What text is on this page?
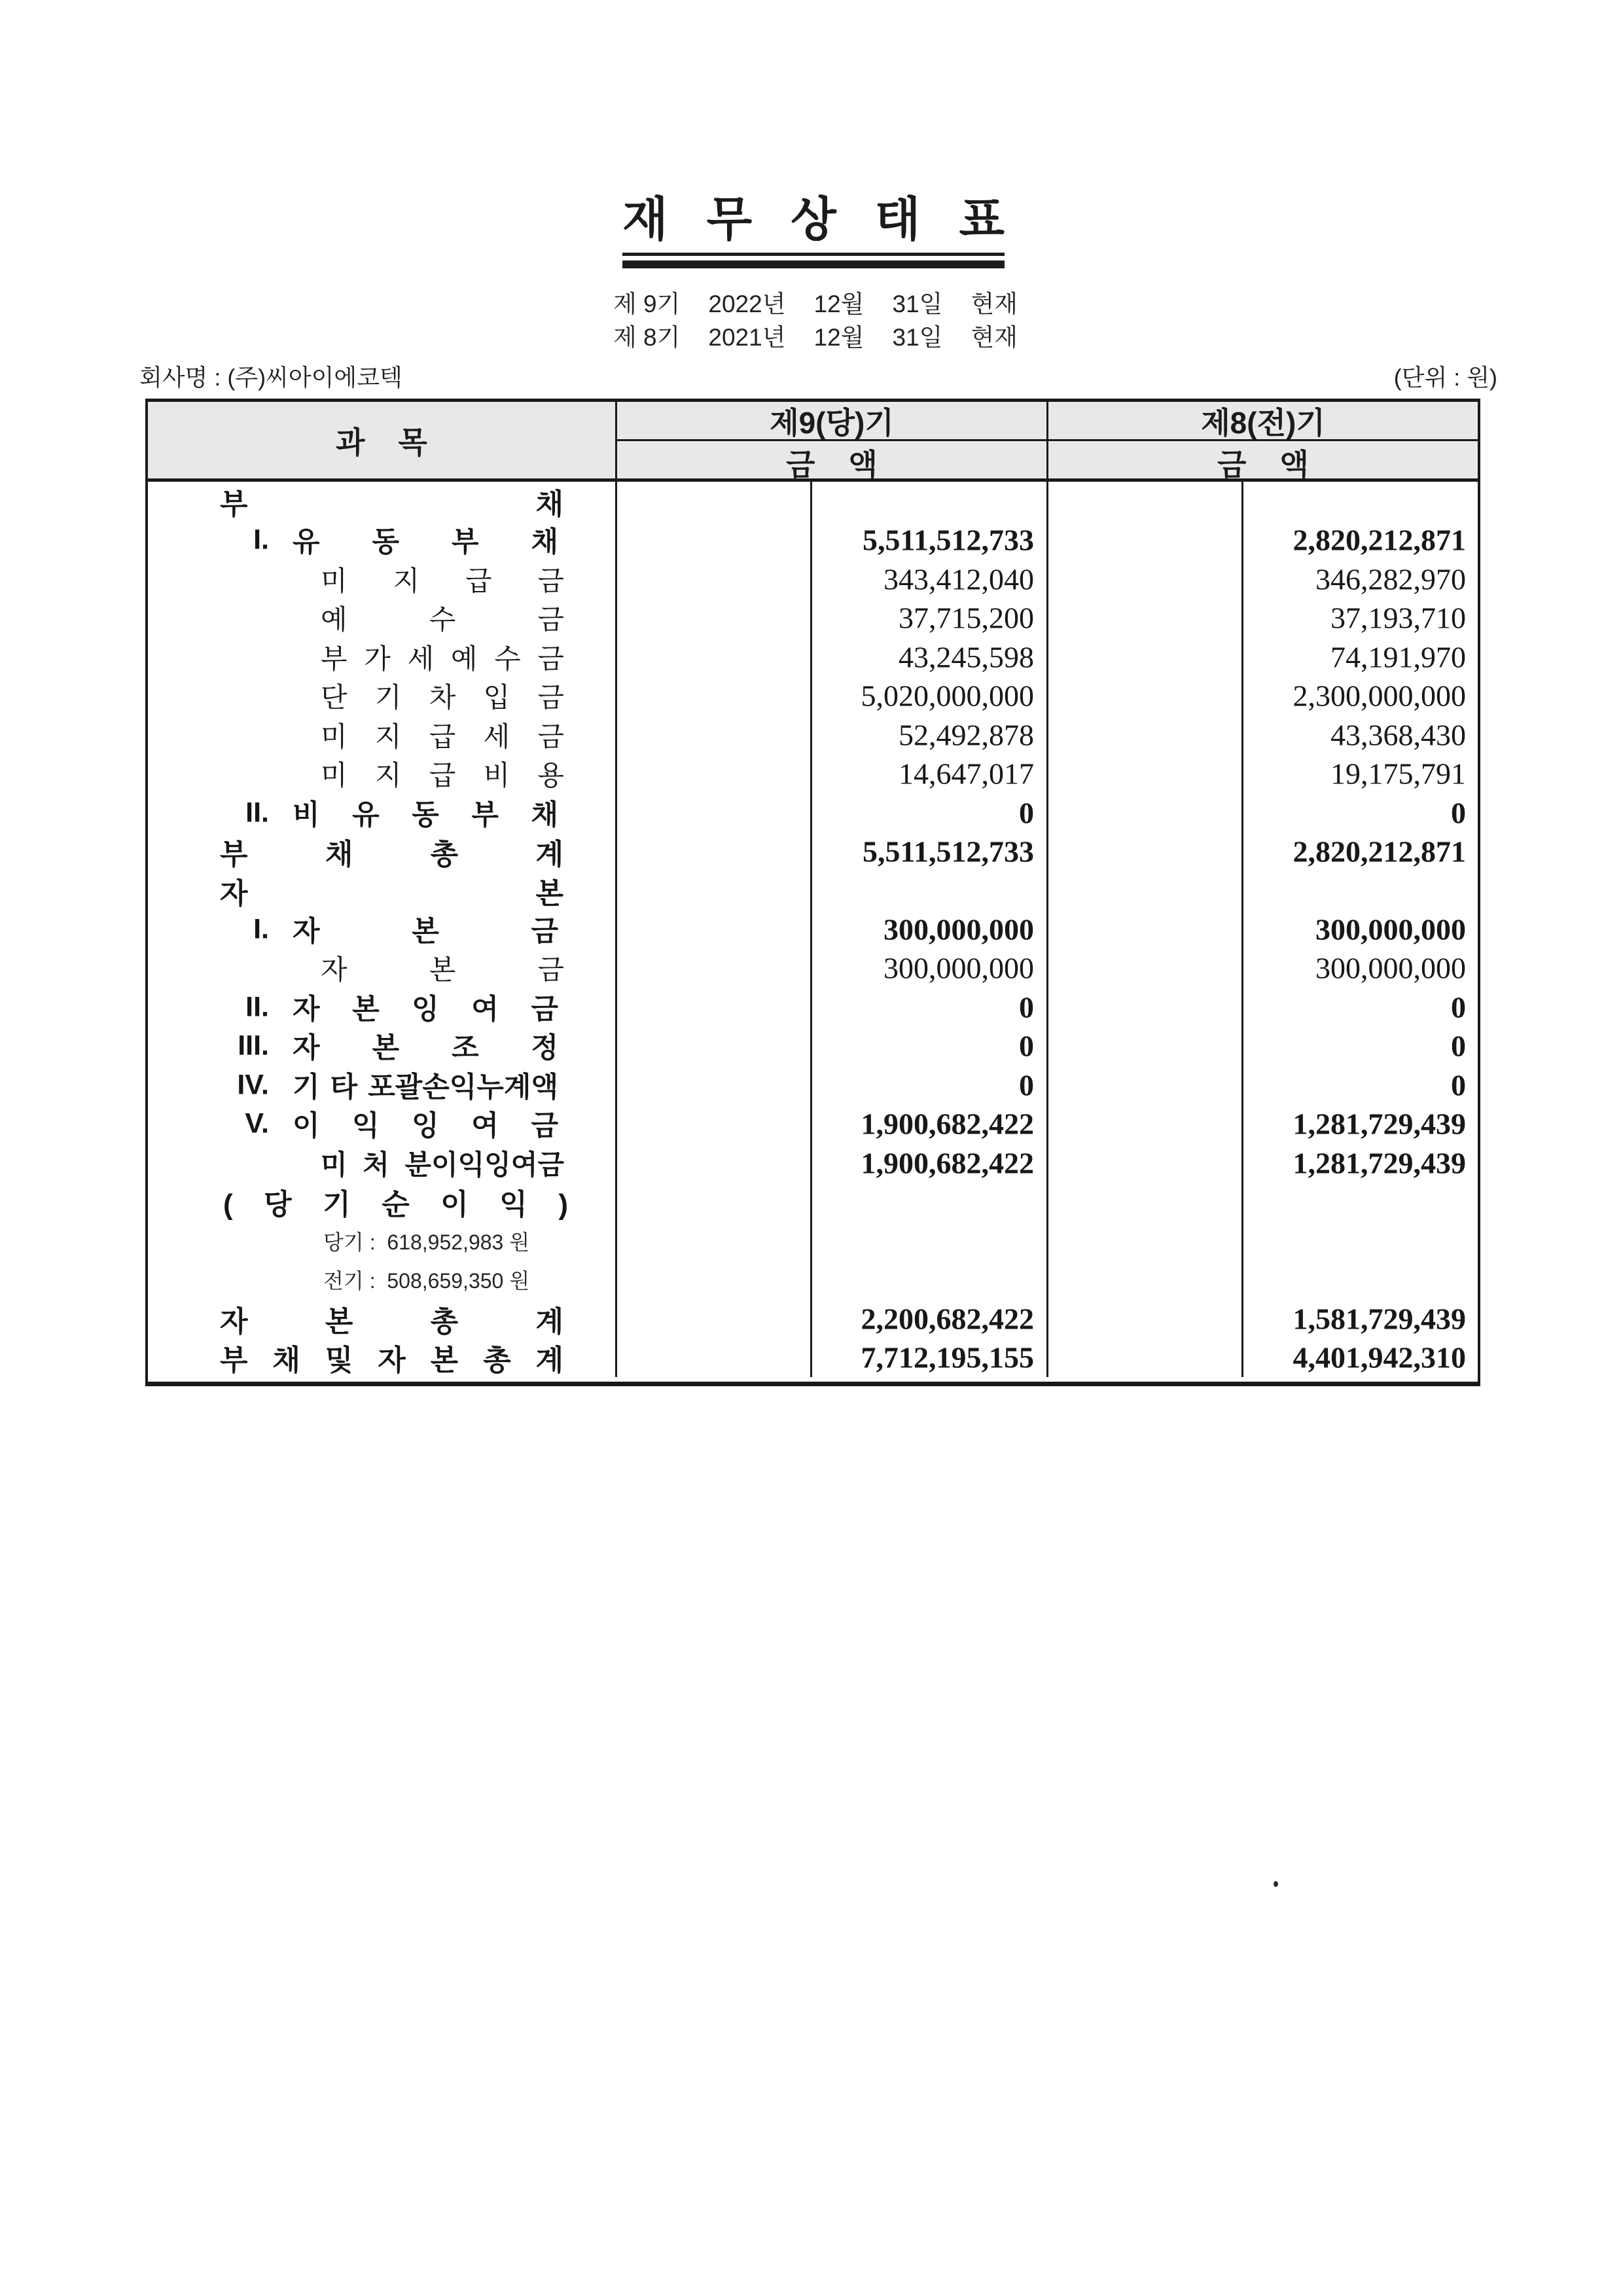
재 무 상 태 표
제 9기 2022년 12월 31일 현재
제 8기 2021년 12월 31일 현재
회사명 : (주)씨아이에코텍	(단위 : 원)
과 목
제9(당)기
금 액
제8(전)기
금 액
부 채
I. 유 동 부 채	5,511,512,733	2,820,212,871
미 지 급 금	343,412,040	346,282,970
예 수 금	37,715,200	37,193,710
부 가 세 예 수 금	43,245,598	74,191,970
단 기 차 입 금	5,020,000,000	2,300,000,000
미 지 급 세 금	52,492,878	43,368,430
미 지 급 비 용	14,647,017	19,175,791
II. 비 유 동 부 채	0	0
부 채 총 계	5,511,512,733	2,820,212,871
자 본
I. 자 본 금	300,000,000	300,000,000
자 본 금	300,000,000	300,000,000
II. 자 본 잉 여 금	0	0
III. 자 본 조 정	0	0
IV. 기 타 포괄손익누계액	0	0
V. 이 익 잉 여 금	1,900,682,422	1,281,729,439
미 처 분이익잉여금	1,900,682,422	1,281,729,439
( 당 기 순 이 익 )
당기 :  618,952,983 원
전기 :  508,659,350 원
자 본 총 계	2,200,682,422	1,581,729,439
부 채 및 자 본 총 계	7,712,195,155	4,401,942,310
